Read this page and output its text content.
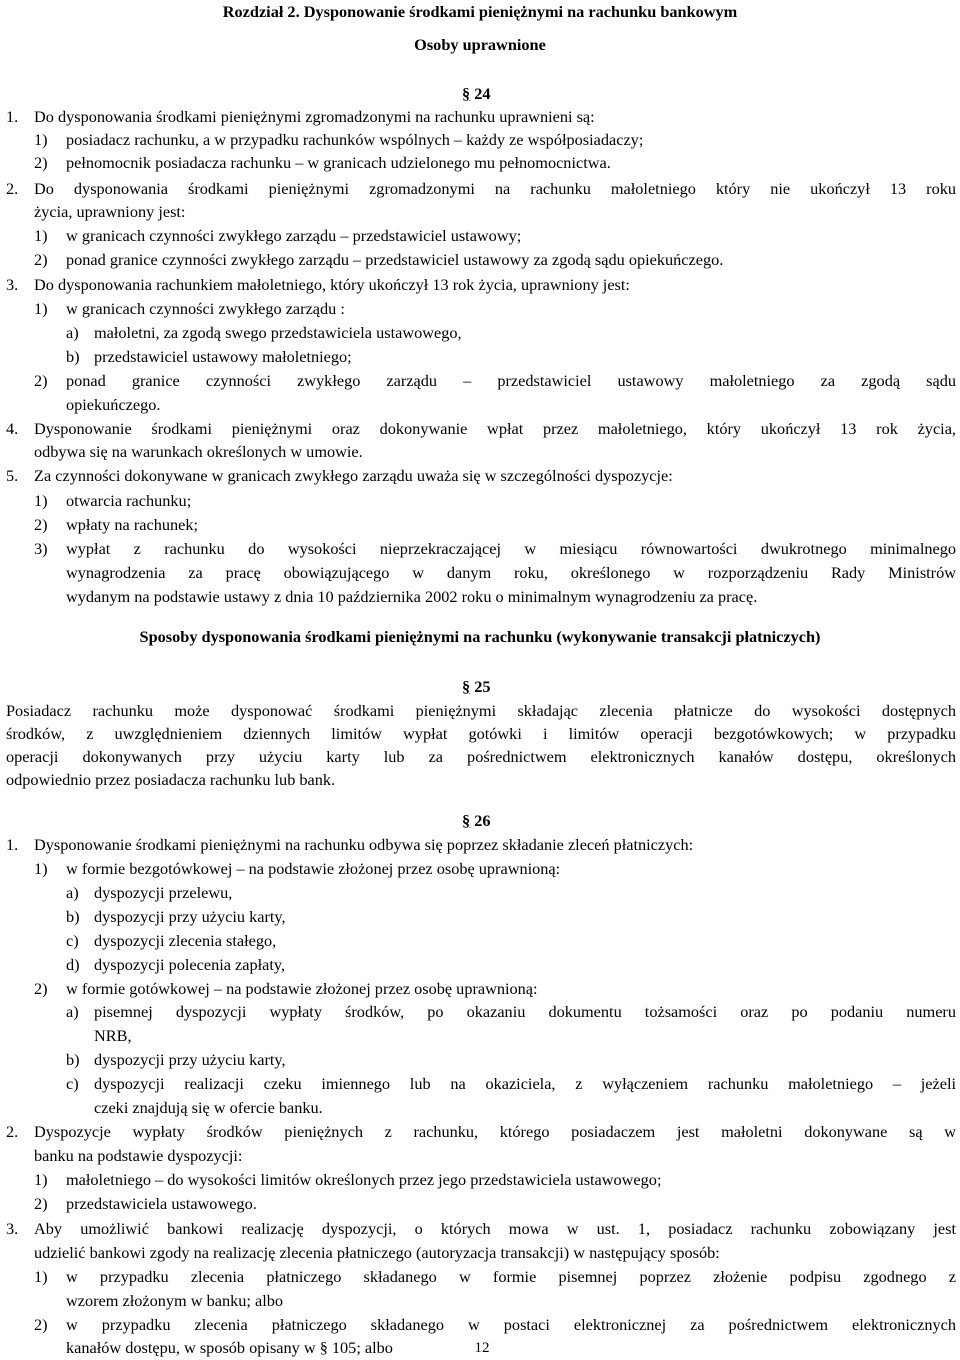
Rozdział 2. Dysponowanie środkami pieniężnymi na rachunku bankowym
Osoby uprawnione
§ 24
1. Do dysponowania środkami pieniężnymi zgromadzonymi na rachunku uprawnieni są:
1) posiadacz rachunku, a w przypadku rachunków wspólnych – każdy ze współposiadaczy;
2) pełnomocnik posiadacza rachunku – w granicach udzielonego mu pełnomocnictwa.
2. Do dysponowania środkami pieniężnymi zgromadzonymi na rachunku małoletniego który nie ukończył 13 roku
życia, uprawniony jest:
1) w granicach czynności zwykłego zarządu – przedstawiciel ustawowy;
2) ponad granice czynności zwykłego zarządu – przedstawiciel ustawowy za zgodą sądu opiekuńczego.
3. Do dysponowania rachunkiem małoletniego, który ukończył 13 rok życia, uprawniony jest:
1) w granicach czynności zwykłego zarządu :
a) małoletni, za zgodą swego przedstawiciela ustawowego,
b) przedstawiciel ustawowy małoletniego;
2) ponad granice czynności zwykłego zarządu – przedstawiciel ustawowy małoletniego za zgodą sądu
opiekuńczego.
4. Dysponowanie środkami pieniężnymi oraz dokonywanie wpłat przez małoletniego, który ukończył 13 rok życia,
odbywa się na warunkach określonych w umowie.
5. Za czynności dokonywane w granicach zwykłego zarządu uważa się w szczególności dyspozycje:
1) otwarcia rachunku;
2) wpłaty na rachunek;
3) wypłat z rachunku do wysokości nieprzekraczającej w miesiącu równowartości dwukrotnego minimalnego
wynagrodzenia za pracę obowiązującego w danym roku, określonego w rozporządzeniu Rady Ministrów
wydanym na podstawie ustawy z dnia 10 października 2002 roku o minimalnym wynagrodzeniu za pracę.
Sposoby dysponowania środkami pieniężnymi na rachunku (wykonywanie transakcji płatniczych)
§ 25
Posiadacz rachunku może dysponować środkami pieniężnymi składając zlecenia płatnicze do wysokości dostępnych
środków, z uwzględnieniem dziennych limitów wypłat gotówki i limitów operacji bezgotówkowych; w przypadku
operacji dokonywanych przy użyciu karty lub za pośrednictwem elektronicznych kanałów dostępu, określonych
odpowiednio przez posiadacza rachunku lub bank.
§ 26
1. Dysponowanie środkami pieniężnymi na rachunku odbywa się poprzez składanie zleceń płatniczych:
1) w formie bezgotówkowej – na podstawie złożonej przez osobę uprawnioną:
a) dyspozycji przelewu,
b) dyspozycji przy użyciu karty,
c) dyspozycji zlecenia stałego,
d) dyspozycji polecenia zapłaty,
2) w formie gotówkowej – na podstawie złożonej przez osobę uprawnioną:
a) pisemnej dyspozycji wypłaty środków, po okazaniu dokumentu tożsamości oraz po podaniu numeru
NRB,
b) dyspozycji przy użyciu karty,
c) dyspozycji realizacji czeku imiennego lub na okaziciela, z wyłączeniem rachunku małoletniego – jeżeli
czeki znajdują się w ofercie banku.
2. Dyspozycje wypłaty środków pieniężnych z rachunku, którego posiadaczem jest małoletni dokonywane są w
banku na podstawie dyspozycji:
1) małoletniego – do wysokości limitów określonych przez jego przedstawiciela ustawowego;
2) przedstawiciela ustawowego.
3. Aby umożliwić bankowi realizację dyspozycji, o których mowa w ust. 1, posiadacz rachunku zobowiązany jest
udzielić bankowi zgody na realizację zlecenia płatniczego (autoryzacja transakcji) w następujący sposób:
1) w przypadku zlecenia płatniczego składanego w formie pisemnej poprzez złożenie podpisu zgodnego z
wzorem złożonym w banku; albo
2) w przypadku zlecenia płatniczego składanego w postaci elektronicznej za pośrednictwem elektronicznych
kanałów dostępu, w sposób opisany w § 105; albo	12
